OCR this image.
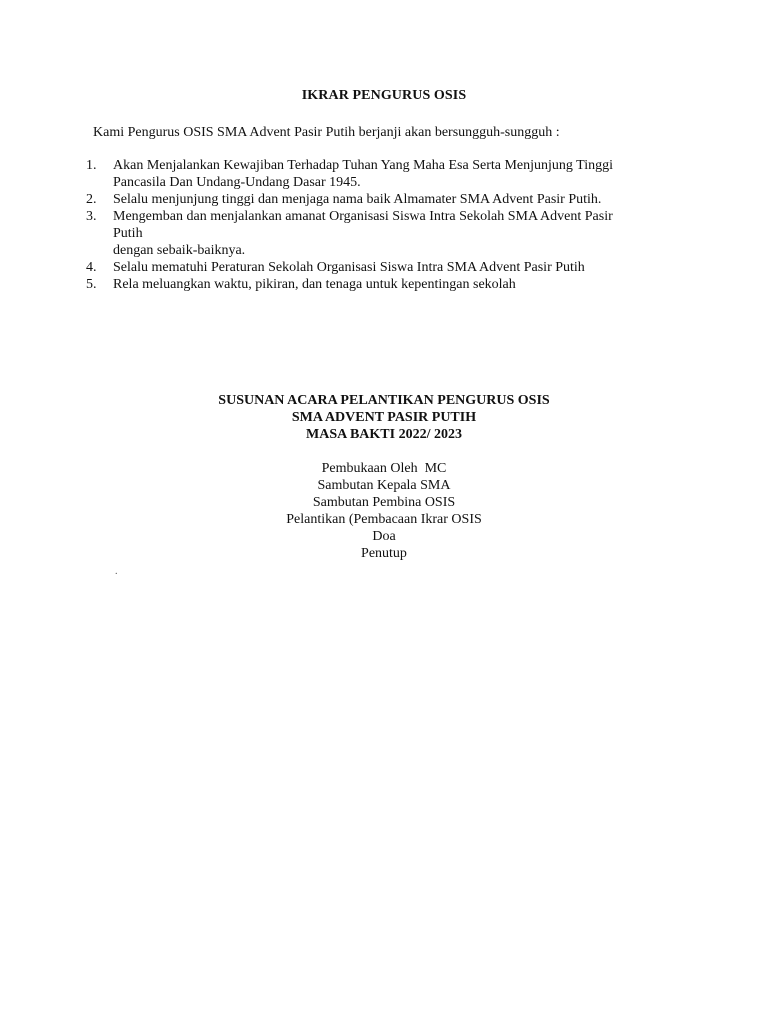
IKRAR PENGURUS OSIS
Kami Pengurus OSIS SMA Advent Pasir Putih berjanji akan bersungguh-sungguh :
1. Akan Menjalankan Kewajiban Terhadap Tuhan Yang Maha Esa Serta Menjunjung Tinggi
Pancasila Dan Undang-Undang Dasar 1945.
2. Selalu menjunjung tinggi dan menjaga nama baik Almamater SMA Advent Pasir Putih.
3. Mengemban dan menjalankan amanat Organisasi Siswa Intra Sekolah SMA Advent Pasir
Putih
dengan sebaik-baiknya.
4. Selalu mematuhi Peraturan Sekolah Organisasi Siswa Intra SMA Advent Pasir Putih
5. Rela meluangkan waktu, pikiran, dan tenaga untuk kepentingan sekolah
SUSUNAN ACARA PELANTIKAN PENGURUS OSIS
SMA ADVENT PASIR PUTIH
MASA BAKTI 2022/ 2023
Pembukaan Oleh  MC
Sambutan Kepala SMA
Sambutan Pembina OSIS
Pelantikan (Pembacaan Ikrar OSIS
Doa
Penutup
.
